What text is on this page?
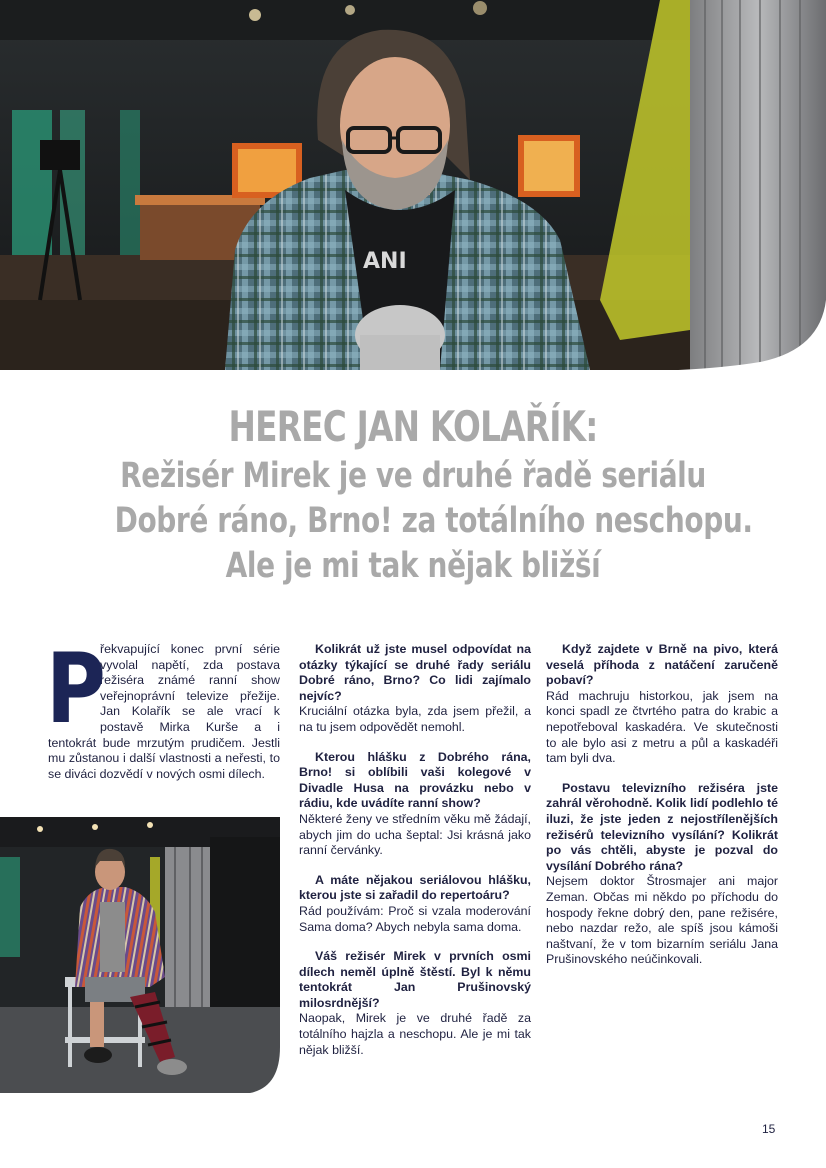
ANI
HEREC JAN KOLAŘÍK:
Režisér Mirek je ve druhé řadě seriálu
Dobré ráno, Brno! za totálního neschopu.
Ale je mi tak nějak bližší
P

řekvapující konec první série vyvolal napětí, zda postava režiséra známé ranní show veřejnoprávní televize přežije. Jan Kolařík se ale vrací k postavě Mirka Kurše a i tentokrát bude mrzutým prudičem. Jestli mu zůstanou i další vlastnosti a neřesti, to se diváci dozvědí v nových osmi dílech.

Kolikrát už jste musel odpovídat na otázky týkající se druhé řady seriálu Dobré ráno, Brno? Co lidi zajímalo nejvíc?

Kruciální otázka byla, zda jsem přežil, a na tu jsem odpovědět nemohl.

Kterou hlášku z Dobrého rána, Brno! si oblíbili vaši kolegové v Divadle Husa na provázku nebo v rádiu, kde uvádíte ranní show?

Některé ženy ve středním věku mě žádají, abych jim do ucha šeptal: Jsi krásná jako ranní červánky.

A máte nějakou seriálovou hlášku, kterou jste si zařadil do repertoáru?

Rád používám: Proč si vzala moderování Sama doma? Abych nebyla sama doma.

Váš režisér Mirek v prvních osmi dílech neměl úplně štěstí. Byl k němu tentokrát Jan Prušinovský milosrdnější?

Naopak, Mirek je ve druhé řadě za totálního hajzla a neschopu. Ale je mi tak nějak bližší.

Když zajdete v Brně na pivo, která veselá příhoda z natáčení zaručeně pobaví?

Rád machruju historkou, jak jsem na konci spadl ze čtvrtého patra do krabic a nepotřeboval kaskadéra. Ve skutečnosti to ale bylo asi z metru a půl a kaskadéři tam byli dva.

Postavu televizního režiséra jste zahrál věrohodně. Kolik lidí podlehlo té iluzi, že jste jeden z nejostřílenějších režisérů televizního vysílání? Kolikrát po vás chtěli, abyste je pozval do vysílání Dobrého rána?

Nejsem doktor Štrosmajer ani major Zeman. Občas mi někdo po příchodu do hospody řekne dobrý den, pane režisére, nebo nazdar režo, ale spíš jsou kámoši naštvaní, že v tom bizarním seriálu Jana Prušinovského neúčinkovali.

15
